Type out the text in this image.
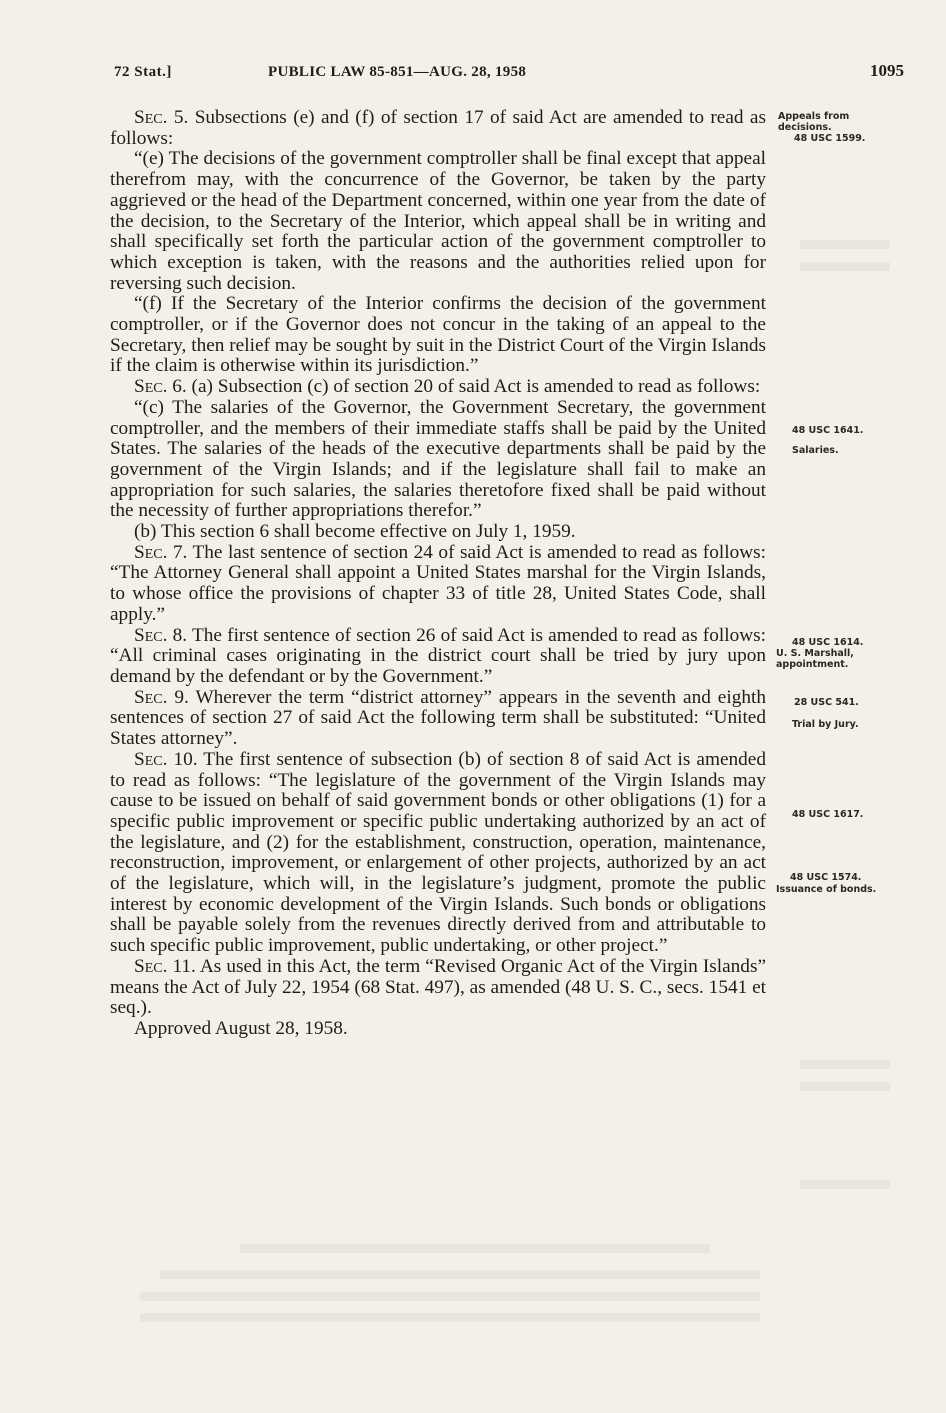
72 Stat.]	PUBLIC LAW 85-851—AUG. 28, 1958	1095

Sec. 5. Subsections (e) and (f) of section 17 of said Act are amended to read as follows:

“(e) The decisions of the government comptroller shall be final except that appeal therefrom may, with the concurrence of the Governor, be taken by the party aggrieved or the head of the Department concerned, within one year from the date of the decision, to the Secretary of the Interior, which appeal shall be in writing and shall specifically set forth the particular action of the government comptroller to which exception is taken, with the reasons and the authorities relied upon for reversing such decision.

“(f) If the Secretary of the Interior confirms the decision of the government comptroller, or if the Governor does not concur in the taking of an appeal to the Secretary, then relief may be sought by suit in the District Court of the Virgin Islands if the claim is otherwise within its jurisdiction.”

Sec. 6. (a) Subsection (c) of section 20 of said Act is amended to read as follows:

“(c) The salaries of the Governor, the Government Secretary, the government comptroller, and the members of their immediate staffs shall be paid by the United States. The salaries of the heads of the executive departments shall be paid by the government of the Virgin Islands; and if the legislature shall fail to make an appropriation for such salaries, the salaries theretofore fixed shall be paid without the necessity of further appropriations therefor.”

(b) This section 6 shall become effective on July 1, 1959.

Sec. 7. The last sentence of section 24 of said Act is amended to read as follows: “The Attorney General shall appoint a United States marshal for the Virgin Islands, to whose office the provisions of chapter 33 of title 28, United States Code, shall apply.”

Sec. 8. The first sentence of section 26 of said Act is amended to read as follows: “All criminal cases originating in the district court shall be tried by jury upon demand by the defendant or by the Government.”

Sec. 9. Wherever the term “district attorney” appears in the seventh and eighth sentences of section 27 of said Act the following term shall be substituted: “United States attorney”.

Sec. 10. The first sentence of subsection (b) of section 8 of said Act is amended to read as follows: “The legislature of the government of the Virgin Islands may cause to be issued on behalf of said government bonds or other obligations (1) for a specific public improvement or specific public undertaking authorized by an act of the legislature, and (2) for the establishment, construction, operation, maintenance, reconstruction, improvement, or enlargement of other projects, authorized by an act of the legislature, which will, in the legislature’s judgment, promote the public interest by economic development of the Virgin Islands. Such bonds or obligations shall be payable solely from the revenues directly derived from and attributable to such specific public improvement, public undertaking, or other project.”

Sec. 11. As used in this Act, the term “Revised Organic Act of the Virgin Islands” means the Act of July 22, 1954 (68 Stat. 497), as amended (48 U. S. C., secs. 1541 et seq.).

Approved August 28, 1958.

Appeals from decisions.
48 USC 1599.
48 USC 1641.
Salaries.
48 USC 1614.
U. S. Marshall, appointment.
28 USC 541.
Trial by Jury.
48 USC 1617.
48 USC 1574.
Issuance of bonds.
